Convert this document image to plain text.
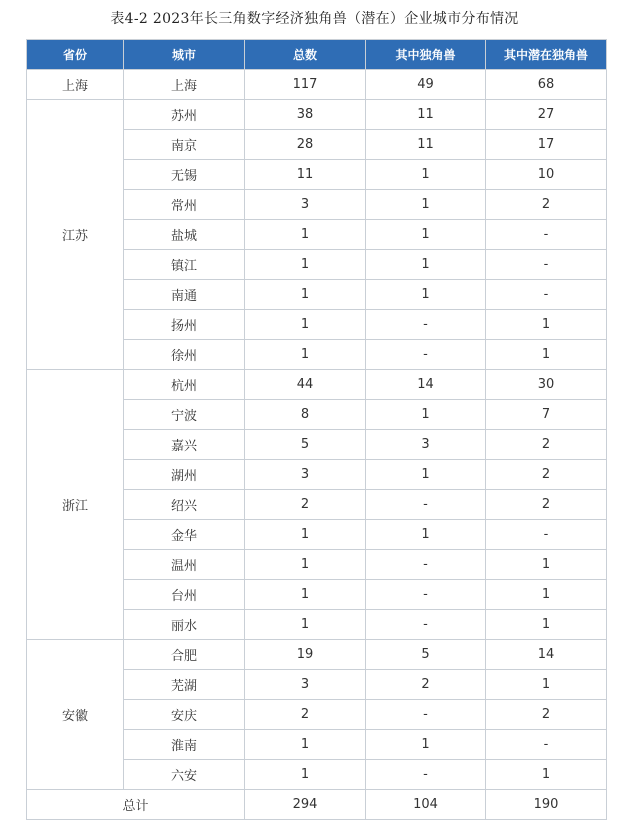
表4-2 2023年长三角数字经济独角兽（潜在）企业城市分布情况
省份	城市	总数	其中独角兽	其中潜在独角兽
上海	上海	117	49	68
江苏	苏州	38	11	27
	南京	28	11	17
	无锡	11	1	10
	常州	3	1	2
	盐城	1	1	-
	镇江	1	1	-
	南通	1	1	-
	扬州	1	-	1
	徐州	1	-	1
浙江	杭州	44	14	30
	宁波	8	1	7
	嘉兴	5	3	2
	湖州	3	1	2
	绍兴	2	-	2
	金华	1	1	-
	温州	1	-	1
	台州	1	-	1
	丽水	1	-	1
安徽	合肥	19	5	14
	芜湖	3	2	1
	安庆	2	-	2
	淮南	1	1	-
	六安	1	-	1
总计		294	104	190
